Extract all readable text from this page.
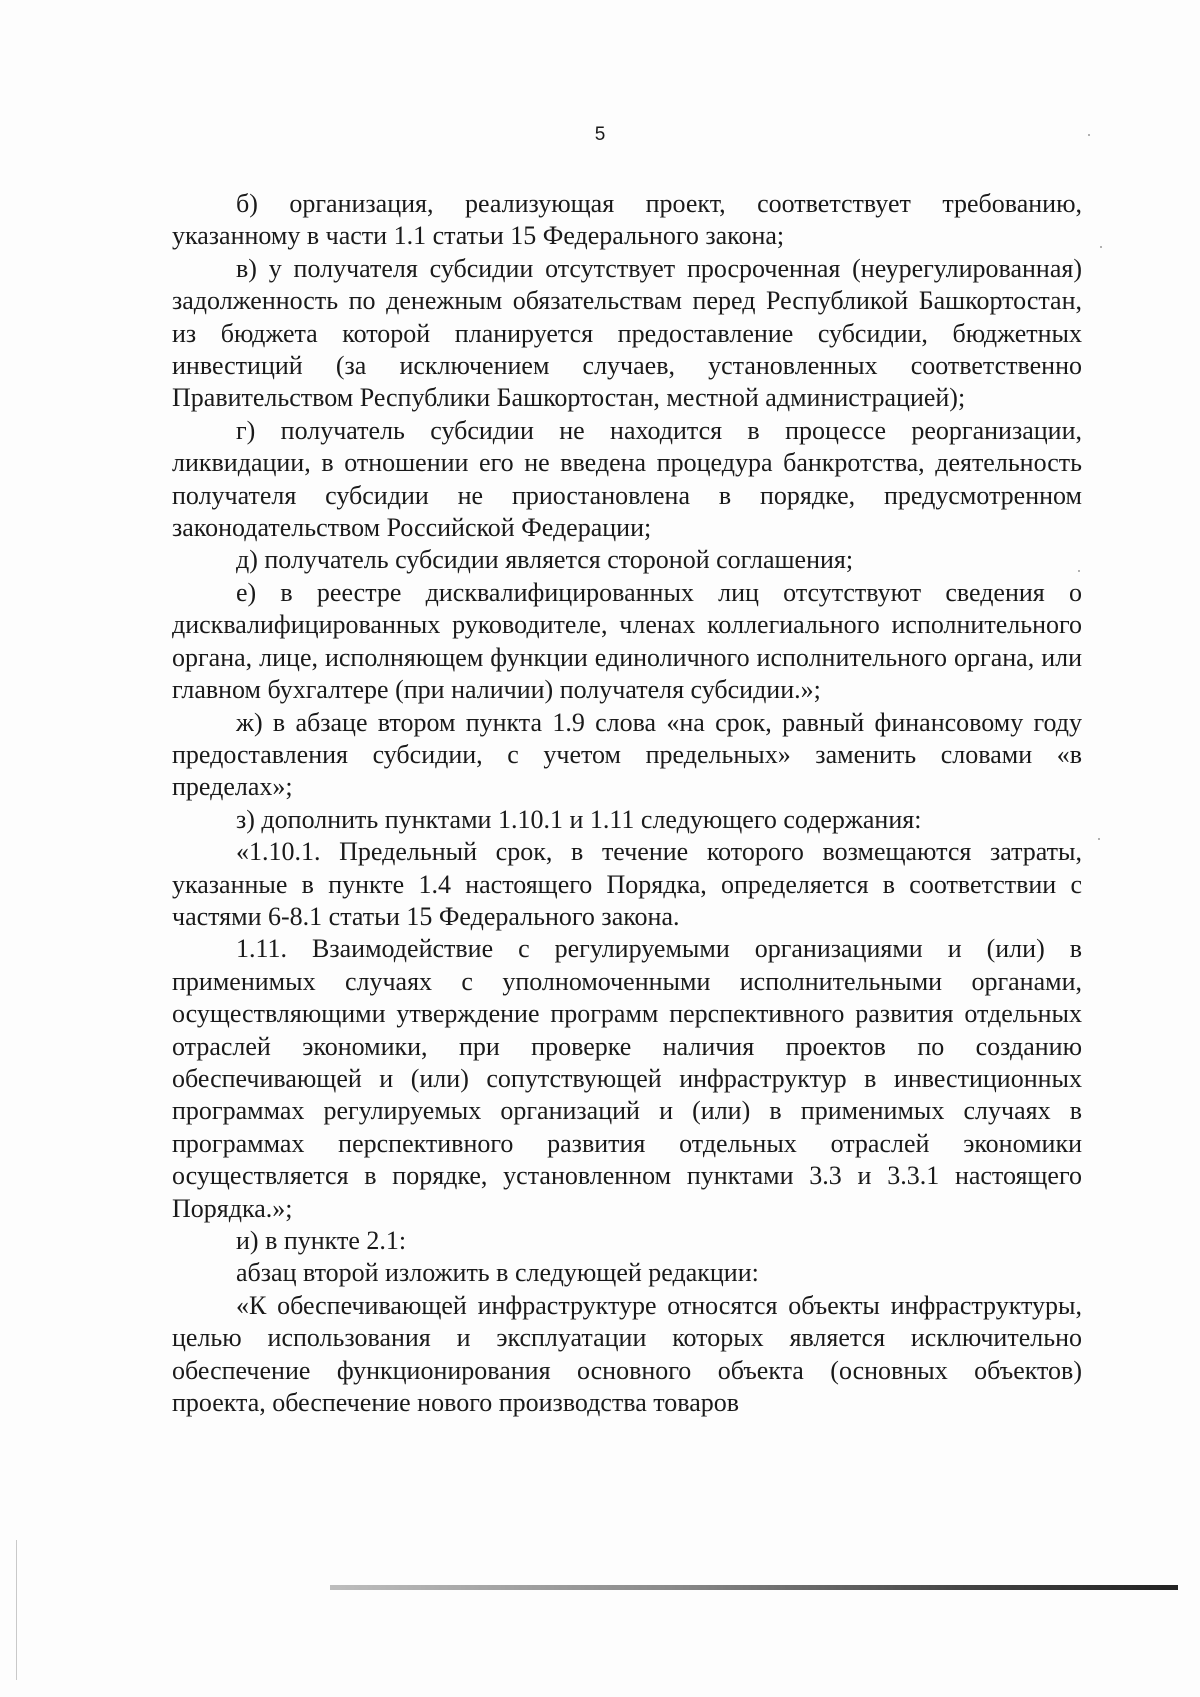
5

б) организация, реализующая проект, соответствует требованию, указанному в части 1.1 статьи 15 Федерального закона;

в) у получателя субсидии отсутствует просроченная (неурегулированная) задолженность по денежным обязательствам перед Республикой Башкортостан, из бюджета которой планируется предоставление субсидии, бюджетных инвестиций (за исключением случаев, установленных соответственно Правительством Республики Башкортостан, местной администрацией);

г) получатель субсидии не находится в процессе реорганизации, ликвидации, в отношении его не введена процедура банкротства, деятельность получателя субсидии не приостановлена в порядке, предусмотренном законодательством Российской Федерации;

д) получатель субсидии является стороной соглашения;

е) в реестре дисквалифицированных лиц отсутствуют сведения о дисквалифицированных руководителе, членах коллегиального исполнительного органа, лице, исполняющем функции единоличного исполнительного органа, или главном бухгалтере (при наличии) получателя субсидии.»;

ж) в абзаце втором пункта 1.9 слова «на срок, равный финансовому году предоставления субсидии, с учетом предельных» заменить словами «в пределах»;

з) дополнить пунктами 1.10.1 и 1.11 следующего содержания:

«1.10.1. Предельный срок, в течение которого возмещаются затраты, указанные в пункте 1.4 настоящего Порядка, определяется в соответствии с частями 6-8.1 статьи 15 Федерального закона.

1.11. Взаимодействие с регулируемыми организациями и (или) в применимых случаях с уполномоченными исполнительными органами, осуществляющими утверждение программ перспективного развития отдельных отраслей экономики, при проверке наличия проектов по созданию обеспечивающей и (или) сопутствующей инфраструктур в инвестиционных программах регулируемых организаций и (или) в применимых случаях в программах перспективного развития отдельных отраслей экономики осуществляется в порядке, установленном пунктами 3.3 и 3.3.1 настоящего Порядка.»;

и) в пункте 2.1:

абзац второй изложить в следующей редакции:

«К обеспечивающей инфраструктуре относятся объекты инфраструктуры, целью использования и эксплуатации которых является исключительно обеспечение функционирования основного объекта (основных объектов) проекта, обеспечение нового производства товаров
